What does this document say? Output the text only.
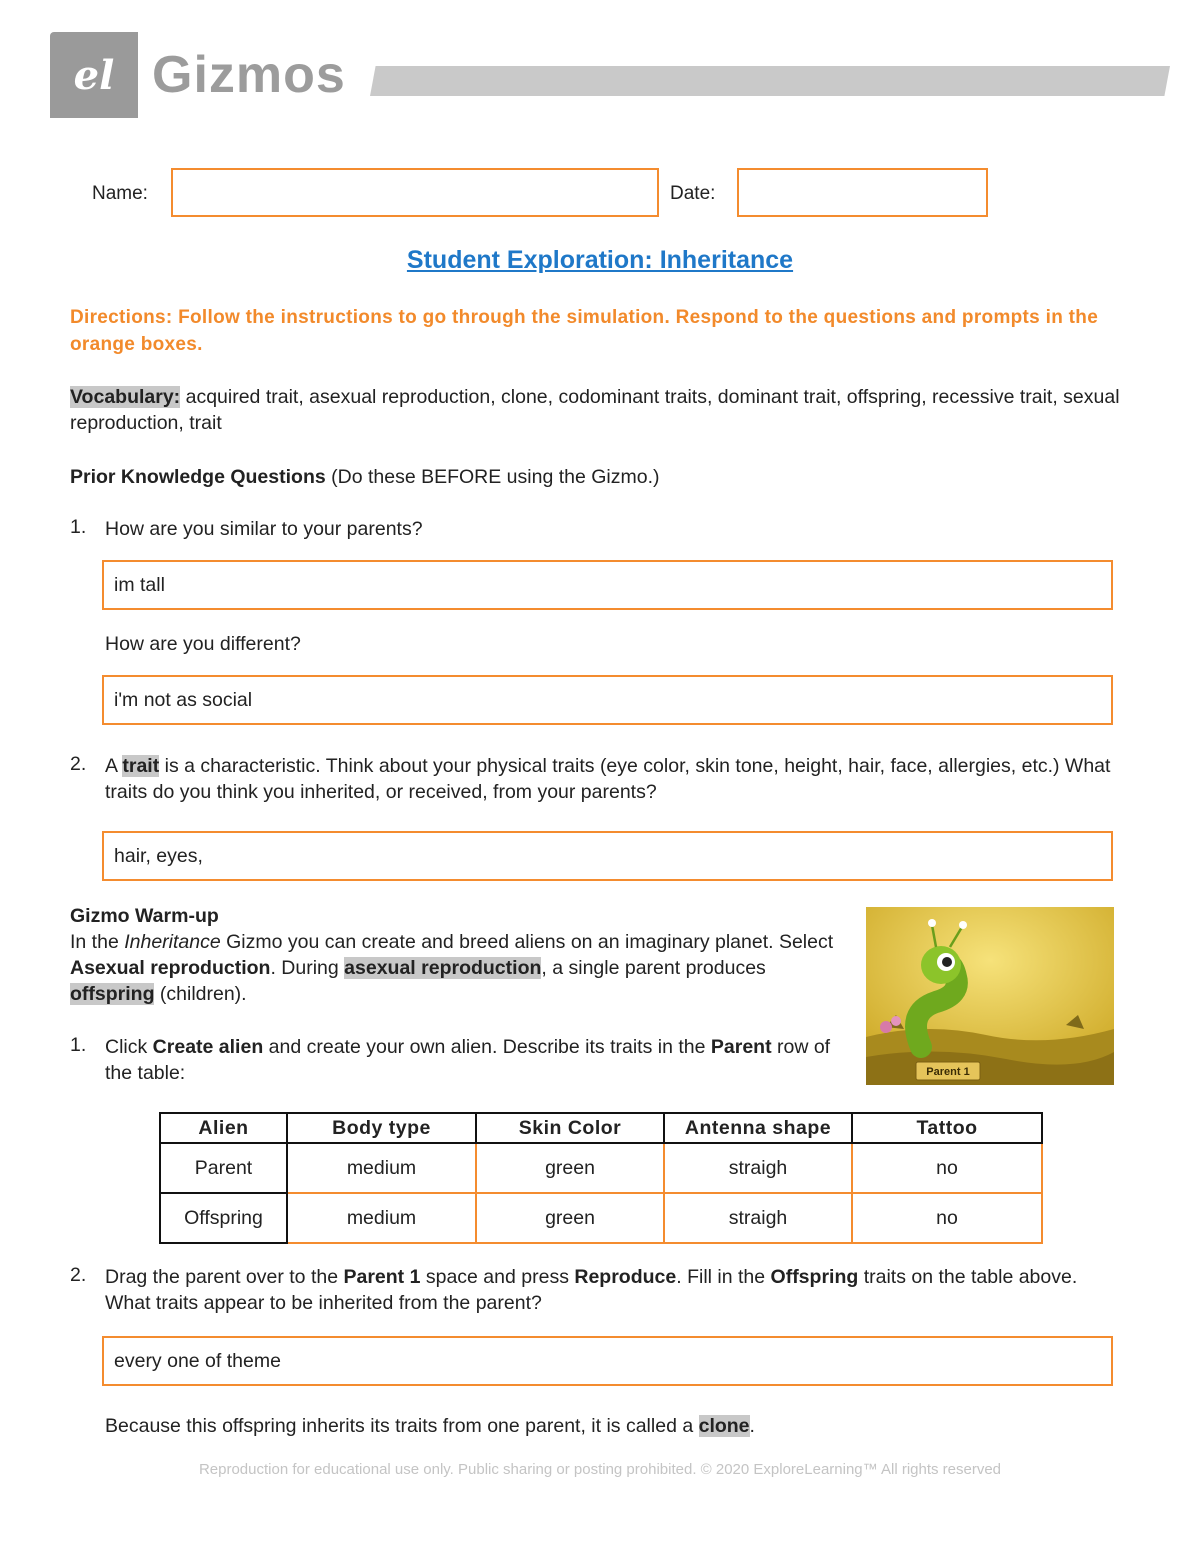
el Gizmos
Name:	Date:
Student Exploration: Inheritance
Directions: Follow the instructions to go through the simulation. Respond to the questions and prompts in the orange boxes.
Vocabulary: acquired trait, asexual reproduction, clone, codominant traits, dominant trait, offspring, recessive trait, sexual reproduction, trait
Prior Knowledge Questions (Do these BEFORE using the Gizmo.)
1. How are you similar to your parents?
im tall
How are you different?
i'm not as social
2. A trait is a characteristic. Think about your physical traits (eye color, skin tone, height, hair, face, allergies, etc.) What traits do you think you inherited, or received, from your parents?
hair, eyes,
Gizmo Warm-up
In the Inheritance Gizmo you can create and breed aliens on an imaginary planet. Select Asexual reproduction. During asexual reproduction, a single parent produces offspring (children).
Parent 1
1. Click Create alien and create your own alien. Describe its traits in the Parent row of the table:
Alien	Body type	Skin Color	Antenna shape	Tattoo
Parent	medium	green	straigh	no
Offspring	medium	green	straigh	no
2. Drag the parent over to the Parent 1 space and press Reproduce. Fill in the Offspring traits on the table above. What traits appear to be inherited from the parent?
every one of theme
Because this offspring inherits its traits from one parent, it is called a clone.
Reproduction for educational use only. Public sharing or posting prohibited. © 2020 ExploreLearning™ All rights reserved
